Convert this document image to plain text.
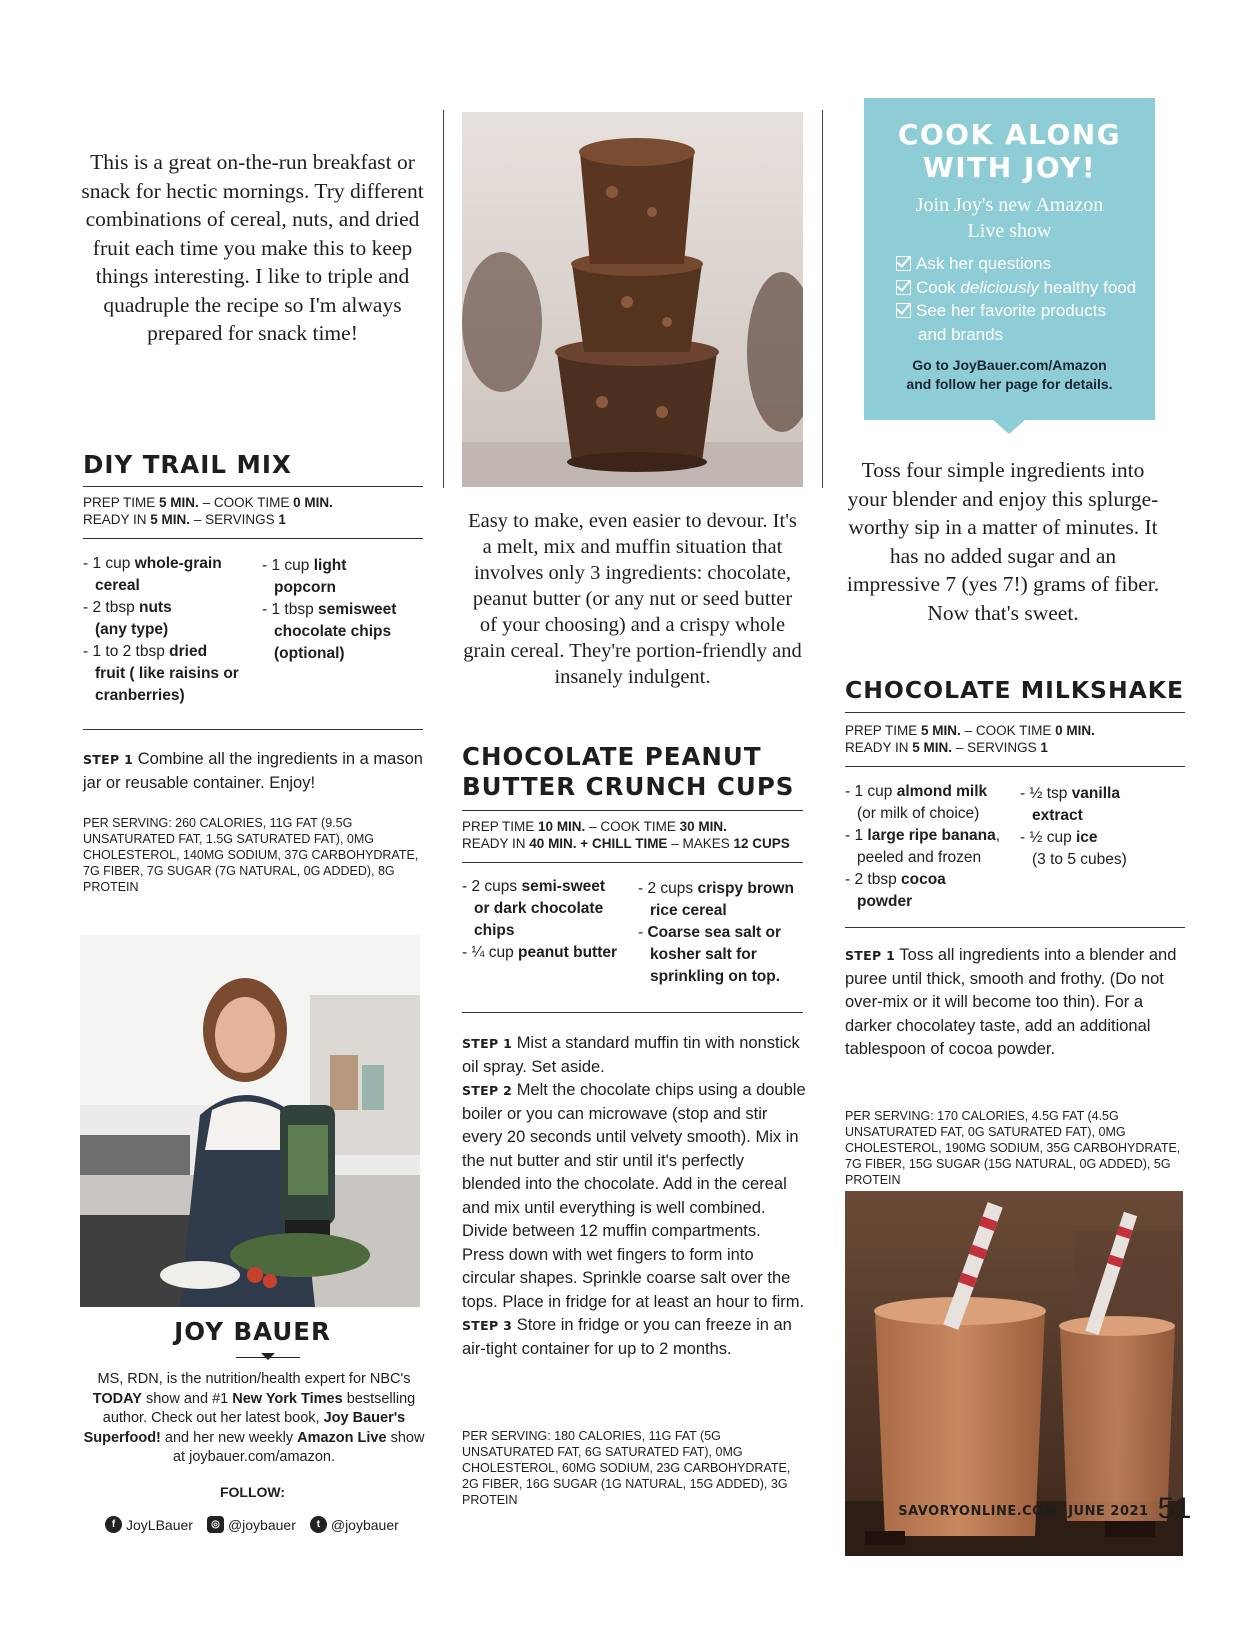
This is a great on-the-run breakfast or snack for hectic mornings. Try different combinations of cereal, nuts, and dried fruit each time you make this to keep things interesting. I like to triple and quadruple the recipe so I'm always prepared for snack time!

DIY TRAIL MIX
PREP TIME 5 MIN. – COOK TIME 0 MIN.
READY IN 5 MIN. – SERVINGS 1
- 1 cup whole-grain
cereal
- 2 tbsp nuts
(any type)
- 1 to 2 tbsp dried
fruit ( like raisins or cranberries)
- 1 cup light
popcorn
- 1 tbsp semisweet
chocolate chips (optional)

STEP 1 Combine all the ingredients in a mason jar or reusable container. Enjoy!

PER SERVING: 260 CALORIES, 11G FAT (9.5G UNSATURATED FAT, 1.5G SATURATED FAT), 0MG CHOLESTEROL, 140MG SODIUM, 37G CARBOHYDRATE, 7G FIBER, 7G SUGAR (7G NATURAL, 0G ADDED), 8G PROTEIN

JOY BAUER

MS, RDN, is the nutrition/health expert for NBC's TODAY show and #1 New York Times bestselling author. Check out her latest book, Joy Bauer's Superfood! and her new weekly Amazon Live show at joybauer.com/amazon.

FOLLOW:
f JoyLBauer	◎ @joybauer	t @joybauer

Easy to make, even easier to devour. It's a melt, mix and muffin situation that involves only 3 ingredients: chocolate, peanut butter (or any nut or seed butter of your choosing) and a crispy whole grain cereal. They're portion-friendly and insanely indulgent.

CHOCOLATE PEANUT
BUTTER CRUNCH CUPS
PREP TIME 10 MIN. – COOK TIME 30 MIN.
READY IN 40 MIN. + CHILL TIME – MAKES 12 CUPS
- 2 cups semi-sweet
or dark chocolate chips
- ¼ cup peanut butter
- 2 cups crispy brown
rice cereal
- Coarse sea salt or
kosher salt for sprinkling on top.

STEP 1 Mist a standard muffin tin with nonstick oil spray. Set aside.

STEP 2 Melt the chocolate chips using a double boiler or you can microwave (stop and stir every 20 seconds until velvety smooth). Mix in the nut butter and stir until it's perfectly blended into the chocolate. Add in the cereal and mix until everything is well combined. Divide between 12 muffin compartments. Press down with wet fingers to form into circular shapes. Sprinkle coarse salt over the tops. Place in fridge for at least an hour to firm.

STEP 3 Store in fridge or you can freeze in an air-tight container for up to 2 months.

PER SERVING: 180 CALORIES, 11G FAT (5G UNSATURATED FAT, 6G SATURATED FAT), 0MG CHOLESTEROL, 60MG SODIUM, 23G CARBOHYDRATE, 2G FIBER, 16G SUGAR (1G NATURAL, 15G ADDED), 3G PROTEIN

COOK ALONG
WITH JOY!

Join Joy's new Amazon Live show

Ask her questions
Cook deliciously healthy food
See her favorite products
and brands

Go to JoyBauer.com/Amazon and follow her page for details.

Toss four simple ingredients into your blender and enjoy this splurge-worthy sip in a matter of minutes. It has no added sugar and an impressive 7 (yes 7!) grams of fiber. Now that's sweet.

CHOCOLATE MILKSHAKE
PREP TIME 5 MIN. – COOK TIME 0 MIN.
READY IN 5 MIN. – SERVINGS 1
- 1 cup almond milk
(or milk of choice)
- 1 large ripe banana,
peeled and frozen
- 2 tbsp cocoa
powder
- ½ tsp vanilla
extract
- ½ cup ice
(3 to 5 cubes)

STEP 1 Toss all ingredients into a blender and puree until thick, smooth and frothy. (Do not over-mix or it will become too thin). For a darker chocolatey taste, add an additional tablespoon of cocoa powder.

PER SERVING: 170 CALORIES, 4.5G FAT (4.5G UNSATURATED FAT, 0G SATURATED FAT), 0MG CHOLESTEROL, 190MG SODIUM, 35G CARBOHYDRATE, 7G FIBER, 15G SUGAR (15G NATURAL, 0G ADDED), 5G PROTEIN

SAVORYONLINE.COM JUNE 2021 51
